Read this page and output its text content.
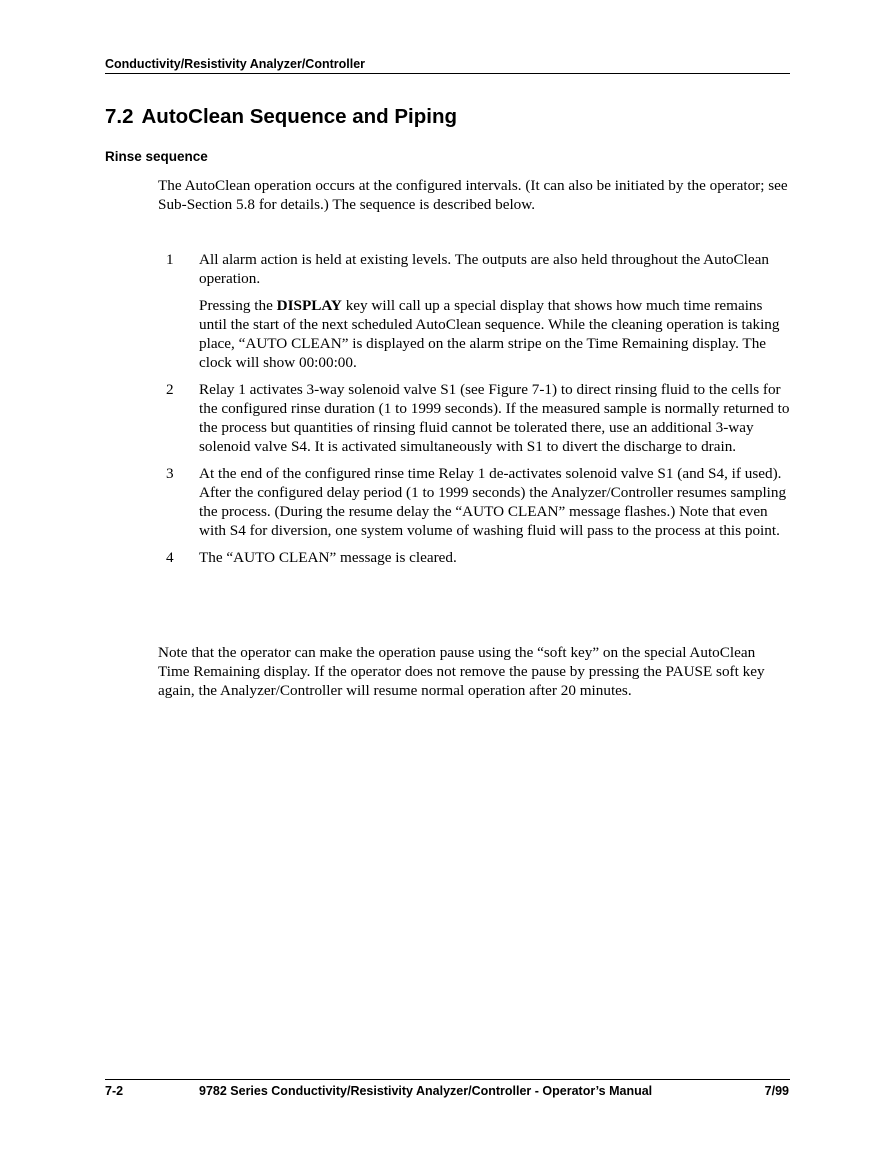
Conductivity/Resistivity Analyzer/Controller
7.2 AutoClean Sequence and Piping
Rinse sequence

The AutoClean operation occurs at the configured intervals. (It can also be initiated by the operator; see Sub-Section 5.8 for details.) The sequence is described below.

1 All alarm action is held at existing levels. The outputs are also held throughout the AutoClean operation.

Pressing the DISPLAY key will call up a special display that shows how much time remains until the start of the next scheduled AutoClean sequence. While the cleaning operation is taking place, “AUTO CLEAN” is displayed on the alarm stripe on the Time Remaining display. The clock will show 00:00:00.

2 Relay 1 activates 3-way solenoid valve S1 (see Figure 7-1) to direct rinsing fluid to the cells for the configured rinse duration (1 to 1999 seconds). If the measured sample is normally returned to the process but quantities of rinsing fluid cannot be tolerated there, use an additional 3-way solenoid valve S4. It is activated simultaneously with S1 to divert the discharge to drain.

3 At the end of the configured rinse time Relay 1 de-activates solenoid valve S1 (and S4, if used). After the configured delay period (1 to 1999 seconds) the Analyzer/Controller resumes sampling the process. (During the resume delay the “AUTO CLEAN” message flashes.) Note that even with S4 for diversion, one system volume of washing fluid will pass to the process at this point.

4 The “AUTO CLEAN” message is cleared.

Note that the operator can make the operation pause using the “soft key” on the special AutoClean Time Remaining display. If the operator does not remove the pause by pressing the PAUSE soft key again, the Analyzer/Controller will resume normal operation after 20 minutes.

7-2	9782 Series Conductivity/Resistivity Analyzer/Controller - Operator’s Manual	7/99
